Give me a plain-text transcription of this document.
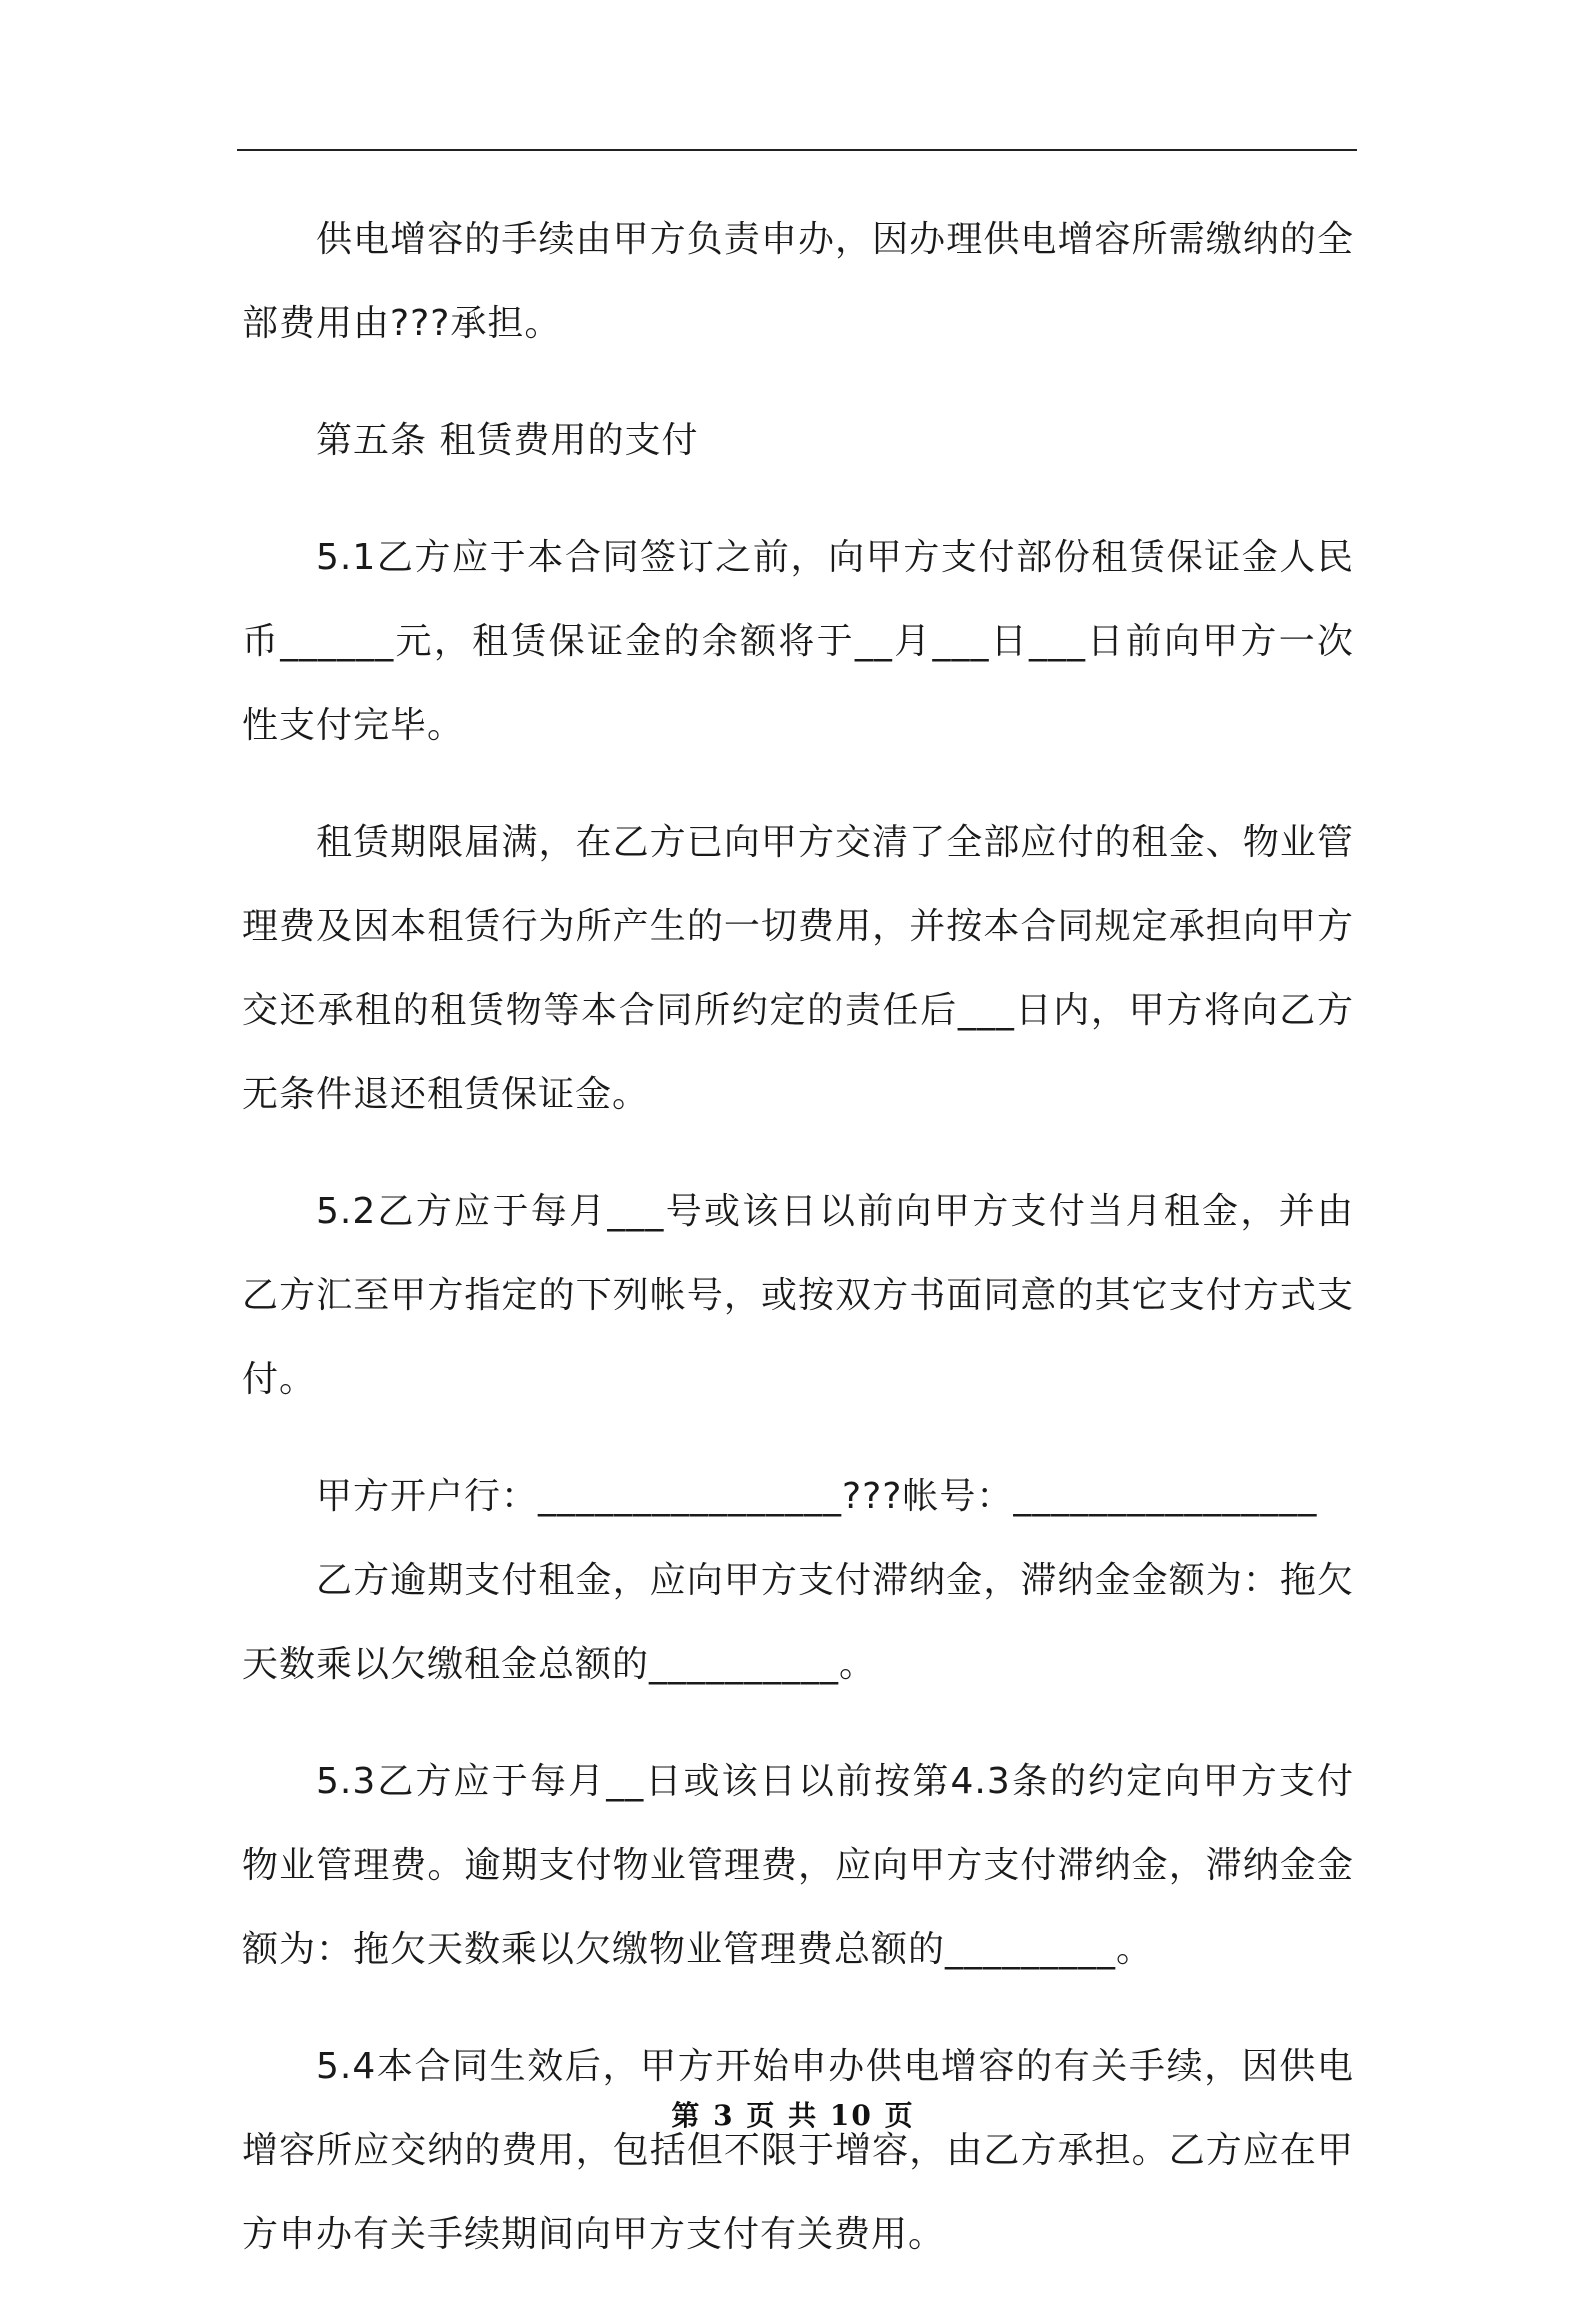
供电增容的手续由甲方负责申办，因办理供电增容所需缴纳的全部费用由???承担。

第五条 租赁费用的支付

5.1乙方应于本合同签订之前，向甲方支付部份租赁保证金人民币______元，租赁保证金的余额将于__月___日___日前向甲方一次性支付完毕。

租赁期限届满，在乙方已向甲方交清了全部应付的租金、物业管理费及因本租赁行为所产生的一切费用，并按本合同规定承担向甲方交还承租的租赁物等本合同所约定的责任后___日内，甲方将向乙方无条件退还租赁保证金。

5.2乙方应于每月___号或该日以前向甲方支付当月租金，并由乙方汇至甲方指定的下列帐号，或按双方书面同意的其它支付方式支付。

甲方开户行：________________???帐号：________________

乙方逾期支付租金，应向甲方支付滞纳金，滞纳金金额为：拖欠天数乘以欠缴租金总额的__________。

5.3乙方应于每月__日或该日以前按第4.3条的约定向甲方支付物业管理费。逾期支付物业管理费，应向甲方支付滞纳金，滞纳金金额为：拖欠天数乘以欠缴物业管理费总额的_________。

5.4本合同生效后，甲方开始申办供电增容的有关手续，因供电增容所应交纳的费用，包括但不限于增容，由乙方承担。乙方应在甲方申办有关手续期间向甲方支付有关费用。

第 3 页 共 10 页
